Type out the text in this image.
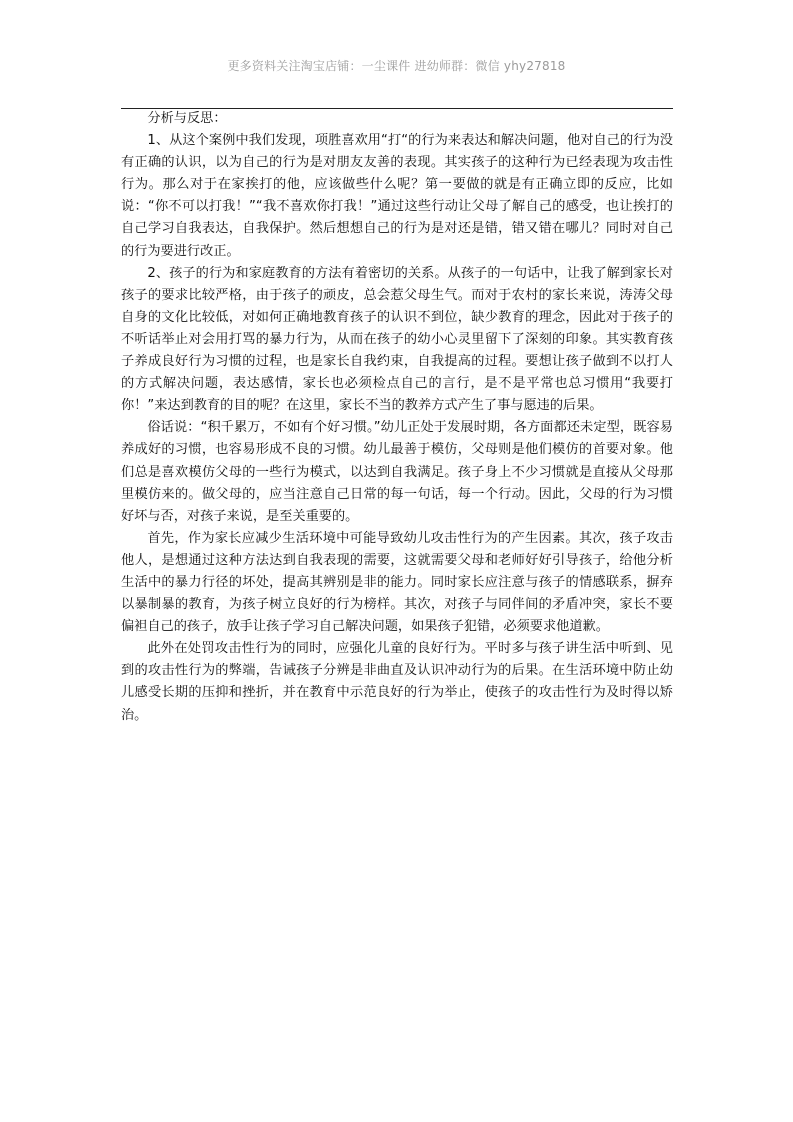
更多资料关注淘宝店铺：一尘课件 进幼师群：微信 yhy27818

分析与反思：

1、从这个案例中我们发现，项胜喜欢用“打“的行为来表达和解决问题，他对自己的行为没有正确的认识，以为自己的行为是对朋友友善的表现。其实孩子的这种行为已经表现为攻击性行为。那么对于在家挨打的他，应该做些什么呢？第一要做的就是有正确立即的反应，比如说：“你不可以打我！”“我不喜欢你打我！”通过这些行动让父母了解自己的感受，也让挨打的自己学习自我表达，自我保护。然后想想自己的行为是对还是错，错又错在哪儿？同时对自己的行为要进行改正。

2、孩子的行为和家庭教育的方法有着密切的关系。从孩子的一句话中，让我了解到家长对孩子的要求比较严格，由于孩子的顽皮，总会惹父母生气。而对于农村的家长来说，涛涛父母自身的文化比较低，对如何正确地教育孩子的认识不到位，缺少教育的理念，因此对于孩子的不听话举止对会用打骂的暴力行为，从而在孩子的幼小心灵里留下了深刻的印象。其实教育孩子养成良好行为习惯的过程，也是家长自我约束，自我提高的过程。要想让孩子做到不以打人的方式解决问题，表达感情，家长也必须检点自己的言行，是不是平常也总习惯用“我要打你！”来达到教育的目的呢？在这里，家长不当的教养方式产生了事与愿违的后果。

俗话说：“积千累万，不如有个好习惯。”幼儿正处于发展时期，各方面都还未定型，既容易养成好的习惯，也容易形成不良的习惯。幼儿最善于模仿，父母则是他们模仿的首要对象。他们总是喜欢模仿父母的一些行为模式，以达到自我满足。孩子身上不少习惯就是直接从父母那里模仿来的。做父母的，应当注意自己日常的每一句话，每一个行动。因此，父母的行为习惯好坏与否，对孩子来说，是至关重要的。

首先，作为家长应减少生活环境中可能导致幼儿攻击性行为的产生因素。其次，孩子攻击他人，是想通过这种方法达到自我表现的需要，这就需要父母和老师好好引导孩子，给他分析生活中的暴力行径的坏处，提高其辨别是非的能力。同时家长应注意与孩子的情感联系，摒弃以暴制暴的教育，为孩子树立良好的行为榜样。其次，对孩子与同伴间的矛盾冲突，家长不要偏袒自己的孩子，放手让孩子学习自己解决问题，如果孩子犯错，必须要求他道歉。

此外在处罚攻击性行为的同时，应强化儿童的良好行为。平时多与孩子讲生活中听到、见到的攻击性行为的弊端，告诫孩子分辨是非曲直及认识冲动行为的后果。在生活环境中防止幼儿感受长期的压抑和挫折，并在教育中示范良好的行为举止，使孩子的攻击性行为及时得以矫治。
